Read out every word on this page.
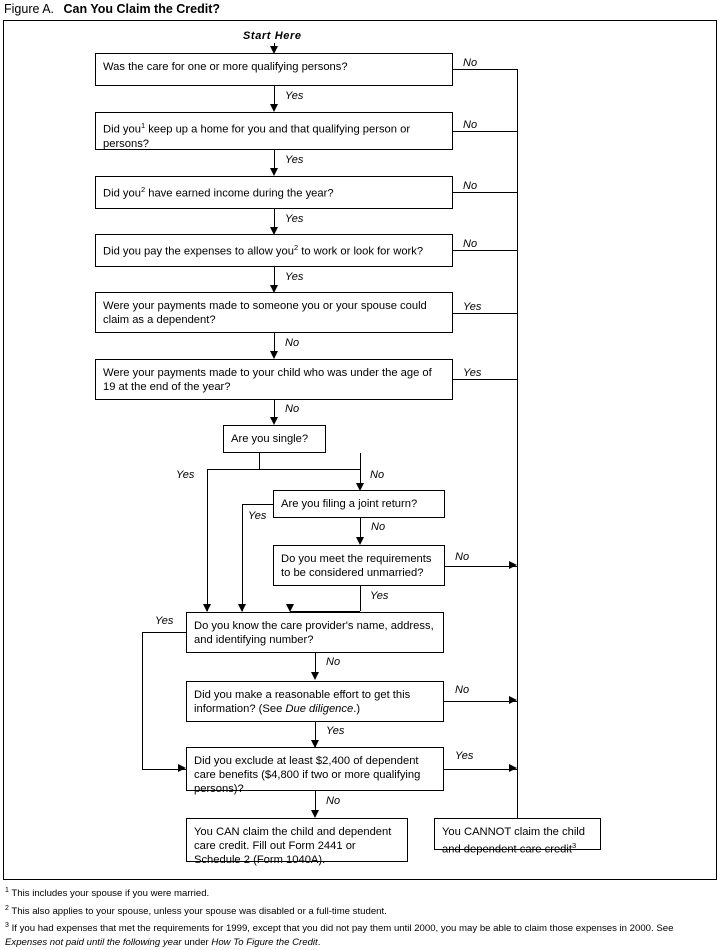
Figure A. Can You Claim the Credit?
Start Here
Was the care for one or more qualifying persons?	No
Yes
Did you$^1$ keep up a home for you and that qualifying person or persons?
No
Yes
Did you$^2$ have earned income during the year?
No
Yes
Did you pay the expenses to allow you$^2$ to work or look for work?
No
Yes
Were your payments made to someone you or your spouse could claim as a dependent?
Yes
No
Were your payments made to your child who was under the age of 19 at the end of the year?
Yes
No
Are you single?
Yes	No
Are you filing a joint return?
Yes
No
Do you meet the requirements to be considered unmarried?
No
Yes
Do you know the care provider's name, address, and identifying number?
Yes
No
Did you make a reasonable effort to get this information? (See Due diligence.)
No
Yes
Did you exclude at least $2,400 of dependent care benefits ($4,800 if two or more qualifying persons)?
Yes
No
You CAN claim the child and dependent care credit. Fill out Form 2441 or Schedule 2 (Form 1040A).
You CANNOT claim the child and dependent care credit$^3$
$^1$ This includes your spouse if you were married.
$^2$ This also applies to your spouse, unless your spouse was disabled or a full-time student.
$^3$ If you had expenses that met the requirements for 1999, except that you did not pay them until 2000, you may be able to claim those expenses in 2000. See Expenses not paid until the following year under How To Figure the Credit.
